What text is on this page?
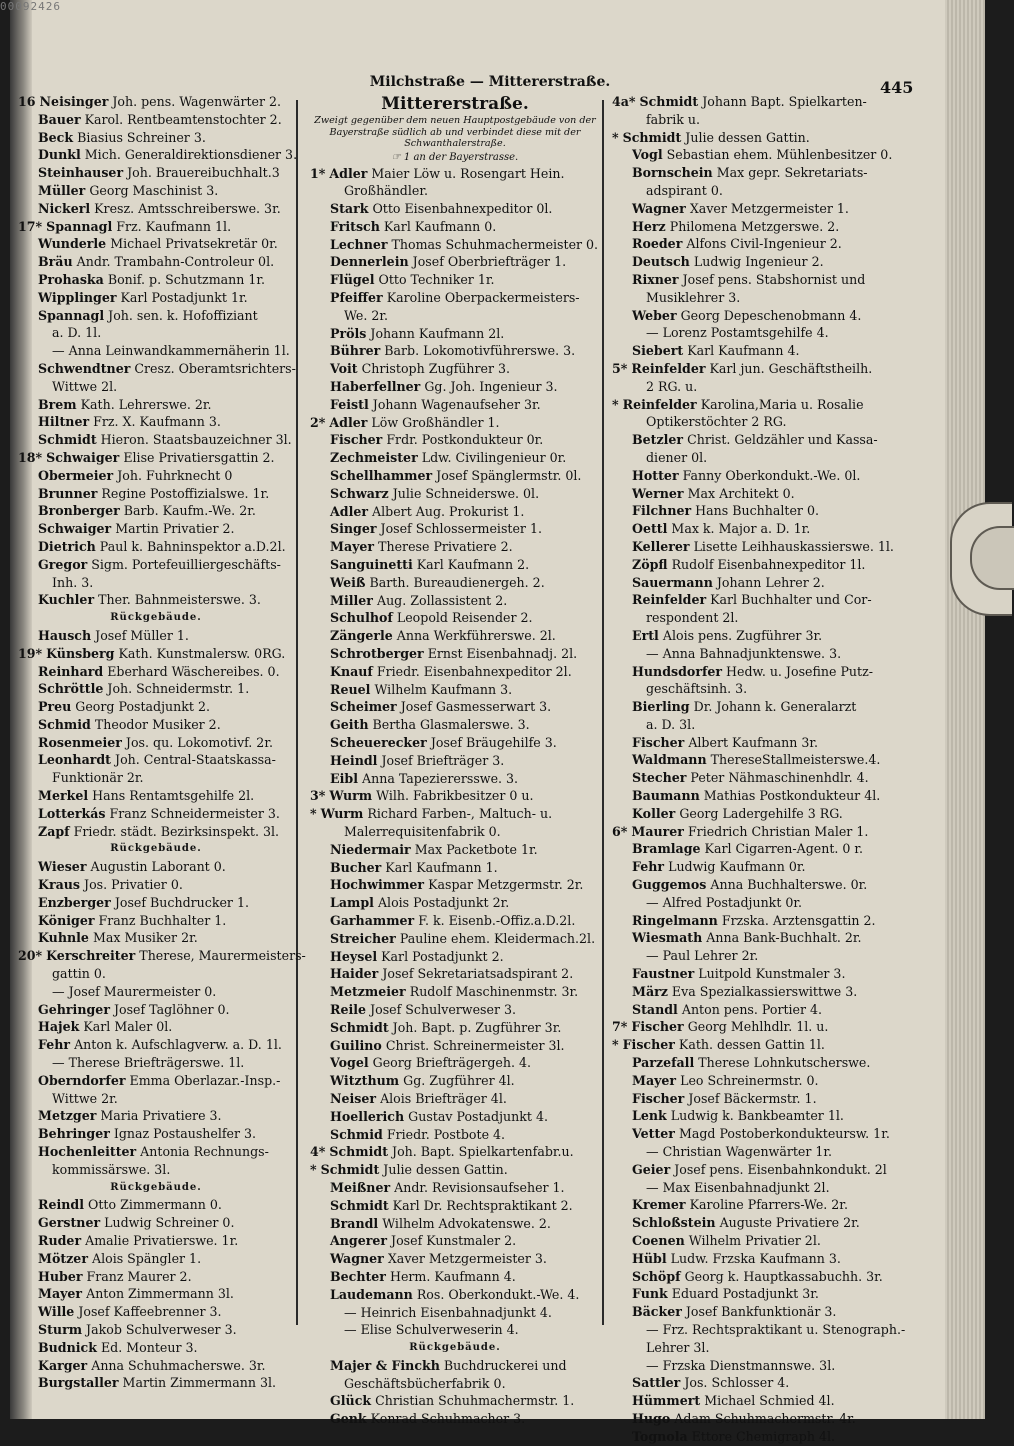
Milchstraße — Mittererstraße.	445
16 Neisinger Joh. pens. Wagenwärter 2.
Bauer Karol. Rentbeamtenstochter 2.
Beck Biasius Schreiner 3.
Dunkl Mich. Generaldirektionsdiener 3.
Steinhauser Joh. Brauereibuchhalt.3
Müller Georg Maschinist 3.
Nickerl Kresz. Amtsschreiberswe. 3r.
17* Spannagl Frz. Kaufmann 1l.
Wunderle Michael Privatsekretär 0r.
Bräu Andr. Trambahn-Controleur 0l.
Prohaska Bonif. p. Schutzmann 1r.
Wipplinger Karl Postadjunkt 1r.
Spannagl Joh. sen. k. Hofoffiziant
a. D. 1l.
— Anna Leinwandkammernäherin 1l.
Schwendtner Cresz. Oberamtsrichters-
Wittwe 2l.
Brem Kath. Lehrerswe. 2r.
Hiltner Frz. X. Kaufmann 3.
Schmidt Hieron. Staatsbauzeichner 3l.
18* Schwaiger Elise Privatiersgattin 2.
Obermeier Joh. Fuhrknecht 0
Brunner Regine Postoffizialswe. 1r.
Bronberger Barb. Kaufm.-We. 2r.
Schwaiger Martin Privatier 2.
Dietrich Paul k. Bahninspektor a.D.2l.
Gregor Sigm. Portefeuilliergeschäfts-
Inh. 3.
Kuchler Ther. Bahnmeisterswe. 3.
Rückgebäude.
Hausch Josef Müller 1.
19* Künsberg Kath. Kunstmalersw. 0RG.
Reinhard Eberhard Wäschereibes. 0.
Schröttle Joh. Schneidermstr. 1.
Preu Georg Postadjunkt 2.
Schmid Theodor Musiker 2.
Rosenmeier Jos. qu. Lokomotivf. 2r.
Leonhardt Joh. Central-Staatskassa-
Funktionär 2r.
Merkel Hans Rentamtsgehilfe 2l.
Lotterkás Franz Schneidermeister 3.
Zapf Friedr. städt. Bezirksinspekt. 3l.
Rückgebäude.
Wieser Augustin Laborant 0.
Kraus Jos. Privatier 0.
Enzberger Josef Buchdrucker 1.
Königer Franz Buchhalter 1.
Kuhnle Max Musiker 2r.
20* Kerschreiter Therese, Maurermeisters-
gattin 0.
— Josef Maurermeister 0.
Gehringer Josef Taglöhner 0.
Hajek Karl Maler 0l.
Fehr Anton k. Aufschlagverw. a. D. 1l.
— Therese Briefträgerswe. 1l.
Oberndorfer Emma Oberlazar.-Insp.-
Wittwe 2r.
Metzger Maria Privatiere 3.
Behringer Ignaz Postaushelfer 3.
Hochenleitter Antonia Rechnungs-
kommissärswe. 3l.
Rückgebäude.
Reindl Otto Zimmermann 0.
Gerstner Ludwig Schreiner 0.
Ruder Amalie Privatierswe. 1r.
Mötzer Alois Spängler 1.
Huber Franz Maurer 2.
Mayer Anton Zimmermann 3l.
Wille Josef Kaffeebrenner 3.
Sturm Jakob Schulverweser 3.
Budnick Ed. Monteur 3.
Karger Anna Schuhmacherswe. 3r.
Burgstaller Martin Zimmermann 3l.
Mittererstraße.
Zweigt gegenüber dem neuen Hauptpostgebäude von der Bayerstraße südlich ab und verbindet diese mit der Schwanthalerstraße.
☞ 1 an der Bayerstrasse.
1* Adler Maier Löw u. Rosengart Hein.
Großhändler.
Stark Otto Eisenbahnexpeditor 0l.
Fritsch Karl Kaufmann 0.
Lechner Thomas Schuhmachermeister 0.
Dennerlein Josef Oberbriefträger 1.
Flügel Otto Techniker 1r.
Pfeiffer Karoline Oberpackermeisters-
We. 2r.
Pröls Johann Kaufmann 2l.
Bührer Barb. Lokomotivführerswe. 3.
Voit Christoph Zugführer 3.
Haberfellner Gg. Joh. Ingenieur 3.
Feistl Johann Wagenaufseher 3r.
2* Adler Löw Großhändler 1.
Fischer Frdr. Postkondukteur 0r.
Zechmeister Ldw. Civilingenieur 0r.
Schellhammer Josef Spänglermstr. 0l.
Schwarz Julie Schneiderswe. 0l.
Adler Albert Aug. Prokurist 1.
Singer Josef Schlossermeister 1.
Mayer Therese Privatiere 2.
Sanguinetti Karl Kaufmann 2.
Weiß Barth. Bureaudienergeh. 2.
Miller Aug. Zollassistent 2.
Schulhof Leopold Reisender 2.
Zängerle Anna Werkführerswe. 2l.
Schrotberger Ernst Eisenbahnadj. 2l.
Knauf Friedr. Eisenbahnexpeditor 2l.
Reuel Wilhelm Kaufmann 3.
Scheimer Josef Gasmesserwart 3.
Geith Bertha Glasmalerswe. 3.
Scheuerecker Josef Bräugehilfe 3.
Heindl Josef Briefträger 3.
Eibl Anna Tapezierersswe. 3.
3* Wurm Wilh. Fabrikbesitzer 0 u.
* Wurm Richard Farben-, Maltuch- u.
Malerrequisitenfabrik 0.
Niedermair Max Packetbote 1r.
Bucher Karl Kaufmann 1.
Hochwimmer Kaspar Metzgermstr. 2r.
Lampl Alois Postadjunkt 2r.
Garhammer F. k. Eisenb.-Offiz.a.D.2l.
Streicher Pauline ehem. Kleidermach.2l.
Heysel Karl Postadjunkt 2.
Haider Josef Sekretariatsadspirant 2.
Metzmeier Rudolf Maschinenmstr. 3r.
Reile Josef Schulverweser 3.
Schmidt Joh. Bapt. p. Zugführer 3r.
Guilino Christ. Schreinermeister 3l.
Vogel Georg Briefträgergeh. 4.
Witzthum Gg. Zugführer 4l.
Neiser Alois Briefträger 4l.
Hoellerich Gustav Postadjunkt 4.
Schmid Friedr. Postbote 4.
4* Schmidt Joh. Bapt. Spielkartenfabr.u.
* Schmidt Julie dessen Gattin.
Meißner Andr. Revisionsaufseher 1.
Schmidt Karl Dr. Rechtspraktikant 2.
Brandl Wilhelm Advokatenswe. 2.
Angerer Josef Kunstmaler 2.
Wagner Xaver Metzgermeister 3.
Bechter Herm. Kaufmann 4.
Laudemann Ros. Oberkondukt.-We. 4.
— Heinrich Eisenbahnadjunkt 4.
— Elise Schulverweserin 4.
Rückgebäude.
Majer & Finckh Buchdruckerei und
Geschäftsbücherfabrik 0.
Glück Christian Schuhmachermstr. 1.
Genk Konrad Schuhmacher 3.
4a* Schmidt Johann Bapt. Spielkarten-
fabrik u.
* Schmidt Julie dessen Gattin.
Vogl Sebastian ehem. Mühlenbesitzer 0.
Bornschein Max gepr. Sekretariats-
adspirant 0.
Wagner Xaver Metzgermeister 1.
Herz Philomena Metzgerswe. 2.
Roeder Alfons Civil-Ingenieur 2.
Deutsch Ludwig Ingenieur 2.
Rixner Josef pens. Stabshornist und
Musiklehrer 3.
Weber Georg Depeschenobmann 4.
— Lorenz Postamtsgehilfe 4.
Siebert Karl Kaufmann 4.
5* Reinfelder Karl jun. Geschäftstheilh.
2 RG. u.
* Reinfelder Karolina,Maria u. Rosalie
Optikerstöchter 2 RG.
Betzler Christ. Geldzähler und Kassa-
diener 0l.
Hotter Fanny Oberkondukt.-We. 0l.
Werner Max Architekt 0.
Filchner Hans Buchhalter 0.
Oettl Max k. Major a. D. 1r.
Kellerer Lisette Leihhauskassierswe. 1l.
Zöpfl Rudolf Eisenbahnexpeditor 1l.
Sauermann Johann Lehrer 2.
Reinfelder Karl Buchhalter und Cor-
respondent 2l.
Ertl Alois pens. Zugführer 3r.
— Anna Bahnadjunktenswe. 3.
Hundsdorfer Hedw. u. Josefine Putz-
geschäftsinh. 3.
Bierling Dr. Johann k. Generalarzt
a. D. 3l.
Fischer Albert Kaufmann 3r.
Waldmann ThereseStallmeisterswe.4.
Stecher Peter Nähmaschinenhdlr. 4.
Baumann Mathias Postkondukteur 4l.
Koller Georg Ladergehilfe 3 RG.
6* Maurer Friedrich Christian Maler 1.
Bramlage Karl Cigarren-Agent. 0 r.
Fehr Ludwig Kaufmann 0r.
Guggemos Anna Buchhalterswe. 0r.
— Alfred Postadjunkt 0r.
Ringelmann Frzska. Arztensgattin 2.
Wiesmath Anna Bank-Buchhalt. 2r.
— Paul Lehrer 2r.
Faustner Luitpold Kunstmaler 3.
März Eva Spezialkassierswittwe 3.
Standl Anton pens. Portier 4.
7* Fischer Georg Mehlhdlr. 1l. u.
* Fischer Kath. dessen Gattin 1l.
Parzefall Therese Lohnkutscherswe.
Mayer Leo Schreinermstr. 0.
Fischer Josef Bäckermstr. 1.
Lenk Ludwig k. Bankbeamter 1l.
Vetter Magd Postoberkondukteursw. 1r.
— Christian Wagenwärter 1r.
Geier Josef pens. Eisenbahnkondukt. 2l
— Max Eisenbahnadjunkt 2l.
Kremer Karoline Pfarrers-We. 2r.
Schloßstein Auguste Privatiere 2r.
Coenen Wilhelm Privatier 2l.
Hübl Ludw. Frzska Kaufmann 3.
Schöpf Georg k. Hauptkassabuchh. 3r.
Funk Eduard Postadjunkt 3r.
Bäcker Josef Bankfunktionär 3.
— Frz. Rechtspraktikant u. Stenograph.-
Lehrer 3l.
— Frzska Dienstmannswe. 3l.
Sattler Jos. Schlosser 4.
Hümmert Michael Schmied 4l.
Hugo Adam Schuhmachermstr. 4r.
Tognola Ettore Chemigraph 4l.
00092426
